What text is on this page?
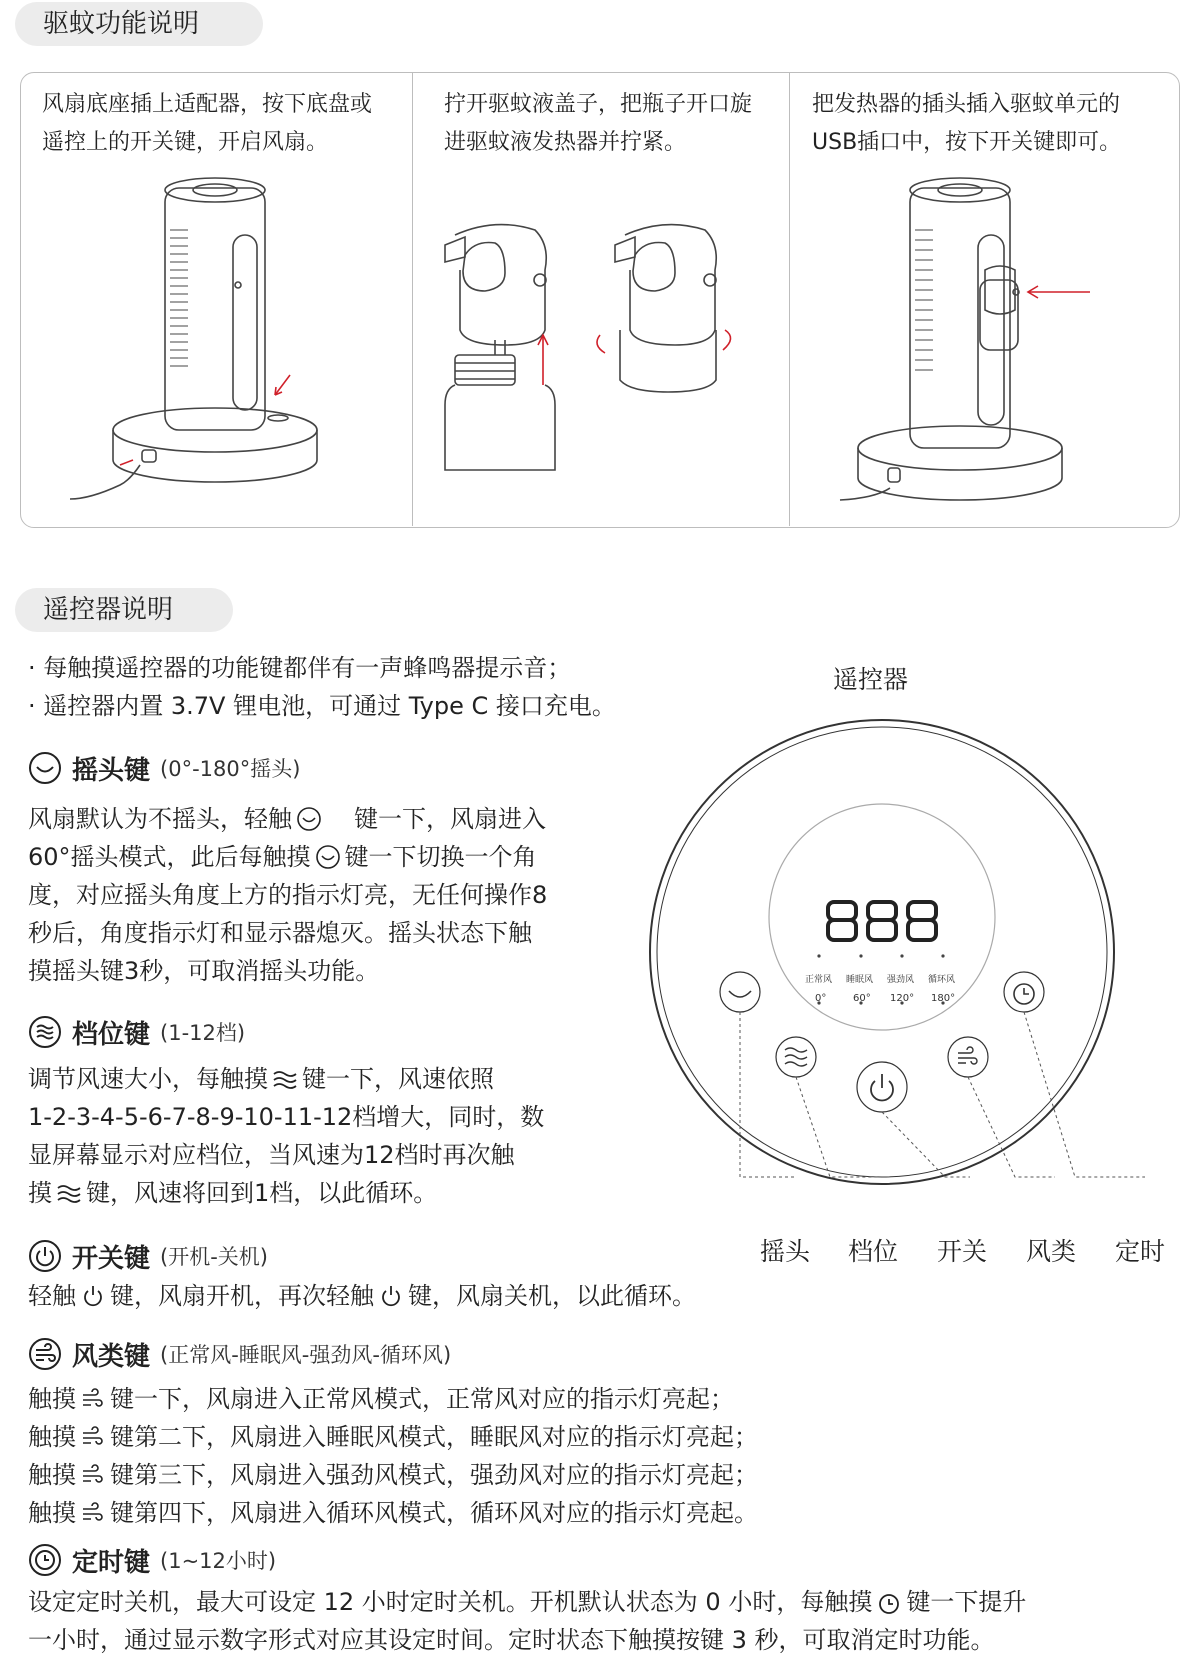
驱蚊功能说明
风扇底座插上适配器，按下底盘或
遥控上的开关键，开启风扇。
拧开驱蚊液盖子，把瓶子开口旋
进驱蚊液发热器并拧紧。
把发热器的插头插入驱蚊单元的
USB插口中，按下开关键即可。
遥控器说明
· 每触摸遥控器的功能键都伴有一声蜂鸣器提示音；
· 遥控器内置 3.7V 锂电池，可通过 Type C 接口充电。
摇头键 (0°-180°摇头)
风扇默认为不摇头，轻触	键一下，风扇进入
60°摇头模式，此后每触摸 键一下切换一个角
度，对应摇头角度上方的指示灯亮，无任何操作8
秒后，角度指示灯和显示器熄灭。摇头状态下触
摸摇头键3秒，可取消摇头功能。
档位键 (1-12档)
调节风速大小，每触摸 键一下，风速依照
1-2-3-4-5-6-7-8-9-10-11-12档增大，同时，数
显屏幕显示对应档位，当风速为12档时再次触
摸 键，风速将回到1档，以此循环。
开关键 (开机-关机)
轻触 键，风扇开机，再次轻触 键，风扇关机，以此循环。
风类键 (正常风-睡眠风-强劲风-循环风)
触摸 键一下，风扇进入正常风模式，正常风对应的指示灯亮起；
触摸 键第二下，风扇进入睡眠风模式，睡眠风对应的指示灯亮起；
触摸 键第三下，风扇进入强劲风模式，强劲风对应的指示灯亮起；
触摸 键第四下，风扇进入循环风模式，循环风对应的指示灯亮起。
定时键 (1~12小时)
设定定时关机，最大可设定 12 小时定时关机。开机默认状态为 0 小时，每触摸 键一下提升
一小时，通过显示数字形式对应其设定时间。定时状态下触摸按键 3 秒，可取消定时功能。
遥控器
正常风 睡眠风 强劲风 循环风
0°	60° 120° 180°
摇头 档位 开关 风类 定时
